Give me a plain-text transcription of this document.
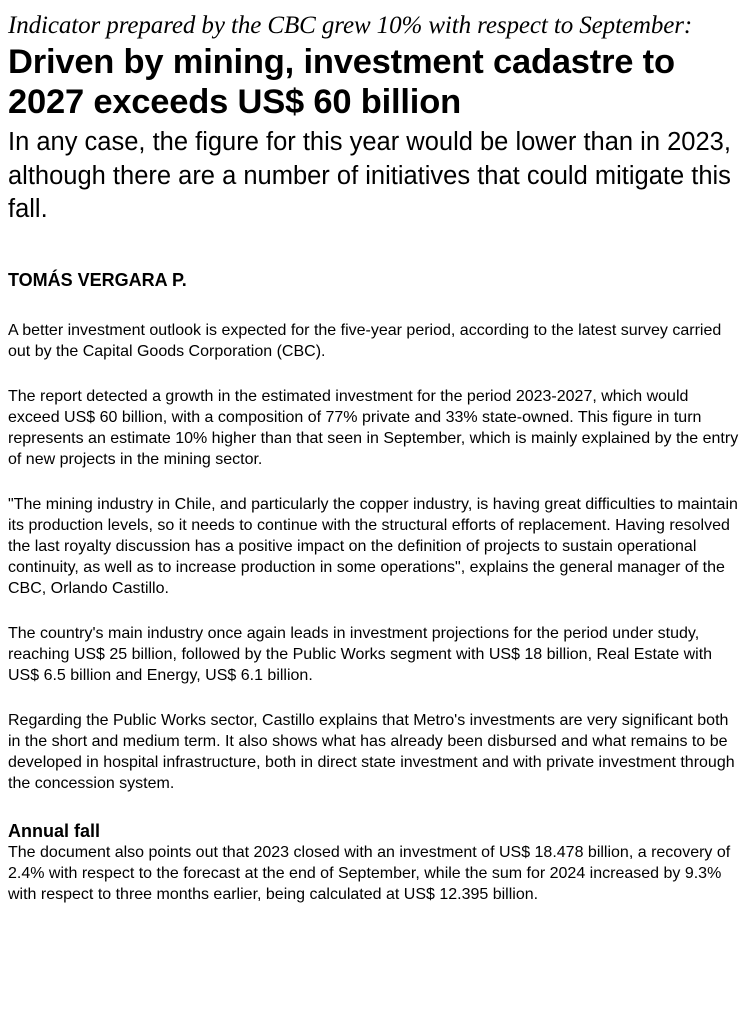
Indicator prepared by the CBC grew 10% with respect to September:
Driven by mining, investment cadastre to 2027 exceeds US$ 60 billion
In any case, the figure for this year would be lower than in 2023, although there are a number of initiatives that could mitigate this fall.
TOMÁS VERGARA P.

A better investment outlook is expected for the five-year period, according to the latest survey carried out by the Capital Goods Corporation (CBC).

The report detected a growth in the estimated investment for the period 2023-2027, which would exceed US$ 60 billion, with a composition of 77% private and 33% state-owned. This figure in turn represents an estimate 10% higher than that seen in September, which is mainly explained by the entry of new projects in the mining sector.

"The mining industry in Chile, and particularly the copper industry, is having great difficulties to maintain its production levels, so it needs to continue with the structural efforts of replacement. Having resolved the last royalty discussion has a positive impact on the definition of projects to sustain operational continuity, as well as to increase production in some operations", explains the general manager of the CBC, Orlando Castillo.

The country's main industry once again leads in investment projections for the period under study, reaching US$ 25 billion, followed by the Public Works segment with US$ 18 billion, Real Estate with US$ 6.5 billion and Energy, US$ 6.1 billion.

Regarding the Public Works sector, Castillo explains that Metro's investments are very significant both in the short and medium term. It also shows what has already been disbursed and what remains to be developed in hospital infrastructure, both in direct state investment and with private investment through the concession system.

Annual fall

The document also points out that 2023 closed with an investment of US$ 18.478 billion, a recovery of 2.4% with respect to the forecast at the end of September, while the sum for 2024 increased by 9.3% with respect to three months earlier, being calculated at US$ 12.395 billion.
